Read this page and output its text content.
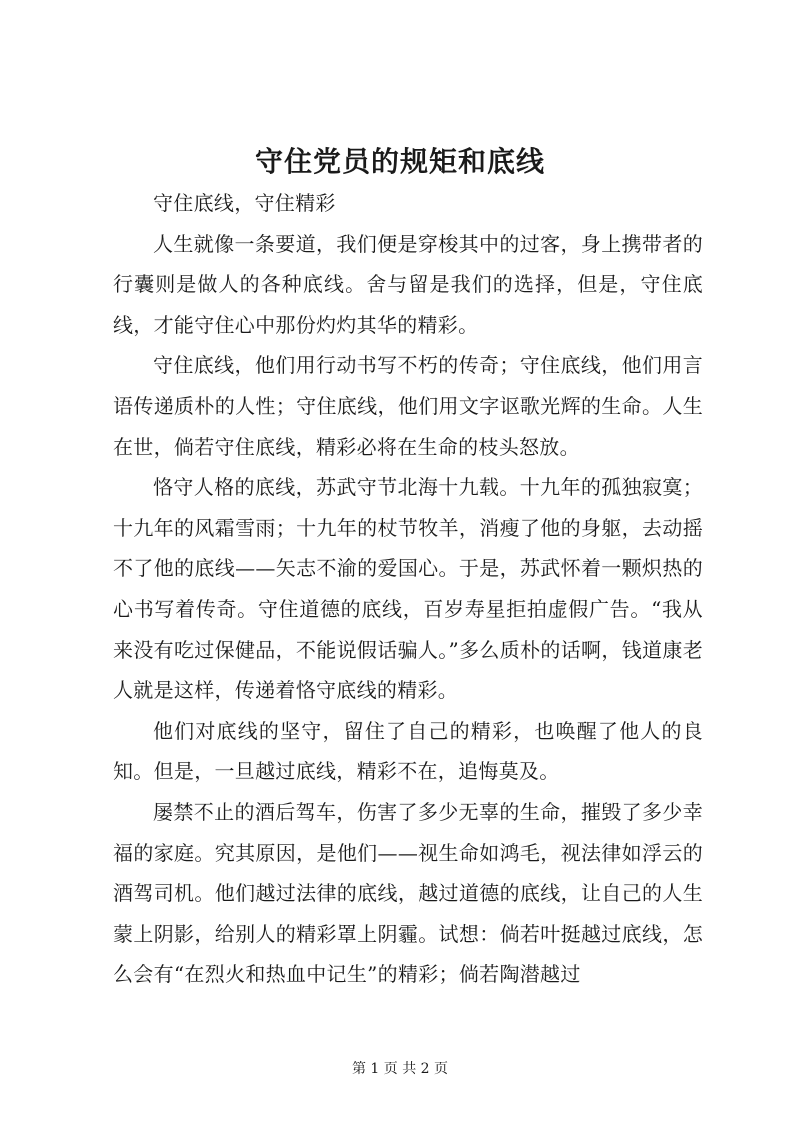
守住党员的规矩和底线

守住底线，守住精彩

人生就像一条要道，我们便是穿梭其中的过客，身上携带者的行囊则是做人的各种底线。舍与留是我们的选择，但是，守住底线，才能守住心中那份灼灼其华的精彩。

守住底线，他们用行动书写不朽的传奇；守住底线，他们用言语传递质朴的人性；守住底线，他们用文字讴歌光辉的生命。人生在世，倘若守住底线，精彩必将在生命的枝头怒放。

恪守人格的底线，苏武守节北海十九载。十九年的孤独寂寞；十九年的风霜雪雨；十九年的杖节牧羊，消瘦了他的身躯，去动摇不了他的底线——矢志不渝的爱国心。于是，苏武怀着一颗炽热的心书写着传奇。守住道德的底线，百岁寿星拒拍虚假广告。“我从来没有吃过保健品，不能说假话骗人。”多么质朴的话啊，钱道康老人就是这样，传递着恪守底线的精彩。

他们对底线的坚守，留住了自己的精彩，也唤醒了他人的良知。但是，一旦越过底线，精彩不在，追悔莫及。

屡禁不止的酒后驾车，伤害了多少无辜的生命，摧毁了多少幸福的家庭。究其原因，是他们——视生命如鸿毛，视法律如浮云的酒驾司机。他们越过法律的底线，越过道德的底线，让自己的人生蒙上阴影，给别人的精彩罩上阴霾。试想：倘若叶挺越过底线，怎么会有“在烈火和热血中记生”的精彩；倘若陶潜越过

第 1 页 共 2 页
